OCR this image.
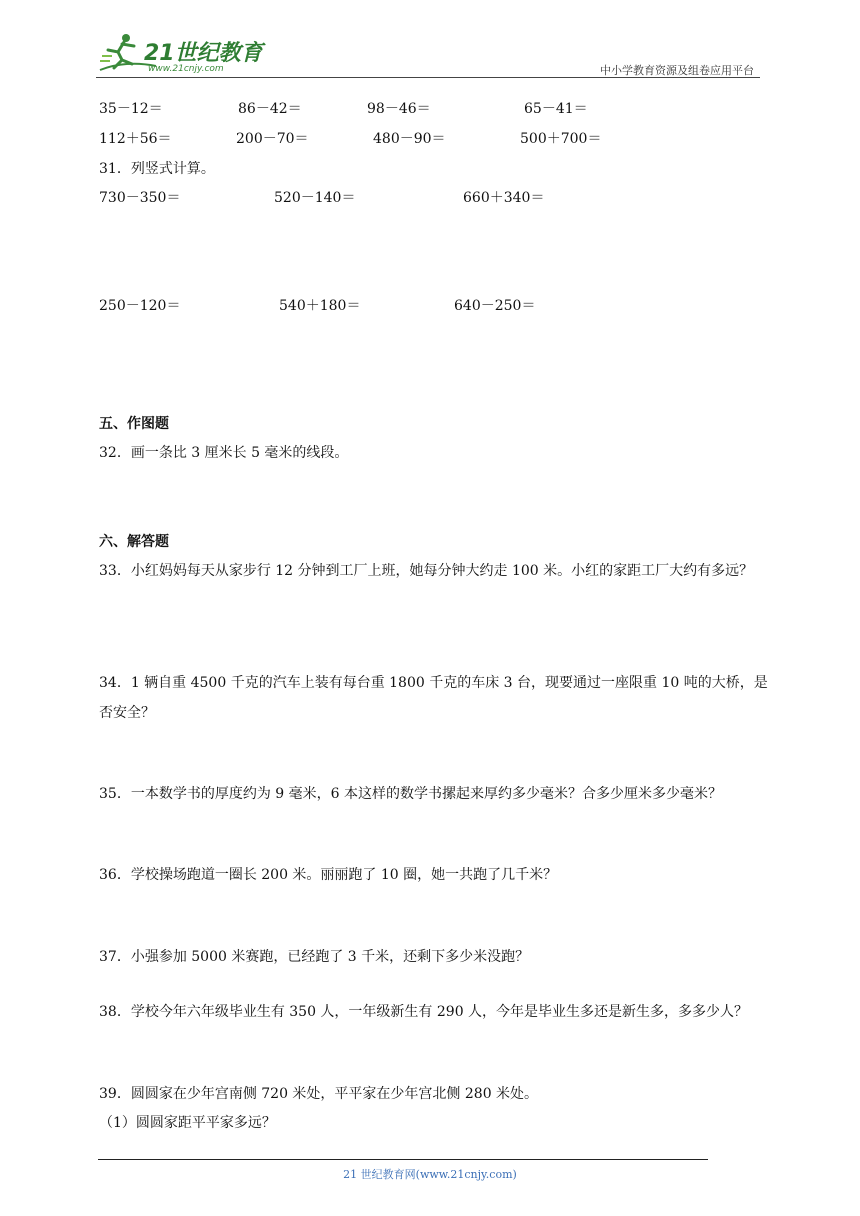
21世纪教育
www.21cnjy.com	中小学教育资源及组卷应用平台
35－12＝	86－42＝	98－46＝	65－41＝
112＋56＝	200－70＝	480－90＝	500＋700＝
31．列竖式计算。
730－350＝	520－140＝	660＋340＝
250－120＝	540＋180＝	640－250＝
五、作图题
32．画一条比 3 厘米长 5 毫米的线段。
六、解答题
33．小红妈妈每天从家步行 12 分钟到工厂上班，她每分钟大约走 100 米。小红的家距工厂大约有多远？
34．1 辆自重 4500 千克的汽车上装有每台重 1800 千克的车床 3 台，现要通过一座限重 10 吨的大桥，是否安全？
35．一本数学书的厚度约为 9 毫米，6 本这样的数学书摞起来厚约多少毫米？合多少厘米多少毫米？
36．学校操场跑道一圈长 200 米。丽丽跑了 10 圈，她一共跑了几千米？
37．小强参加 5000 米赛跑，已经跑了 3 千米，还剩下多少米没跑？
38．学校今年六年级毕业生有 350 人，一年级新生有 290 人，今年是毕业生多还是新生多，多多少人？
39．圆圆家在少年宫南侧 720 米处，平平家在少年宫北侧 280 米处。
（1）圆圆家距平平家多远？
21 世纪教育网(www.21cnjy.com)
